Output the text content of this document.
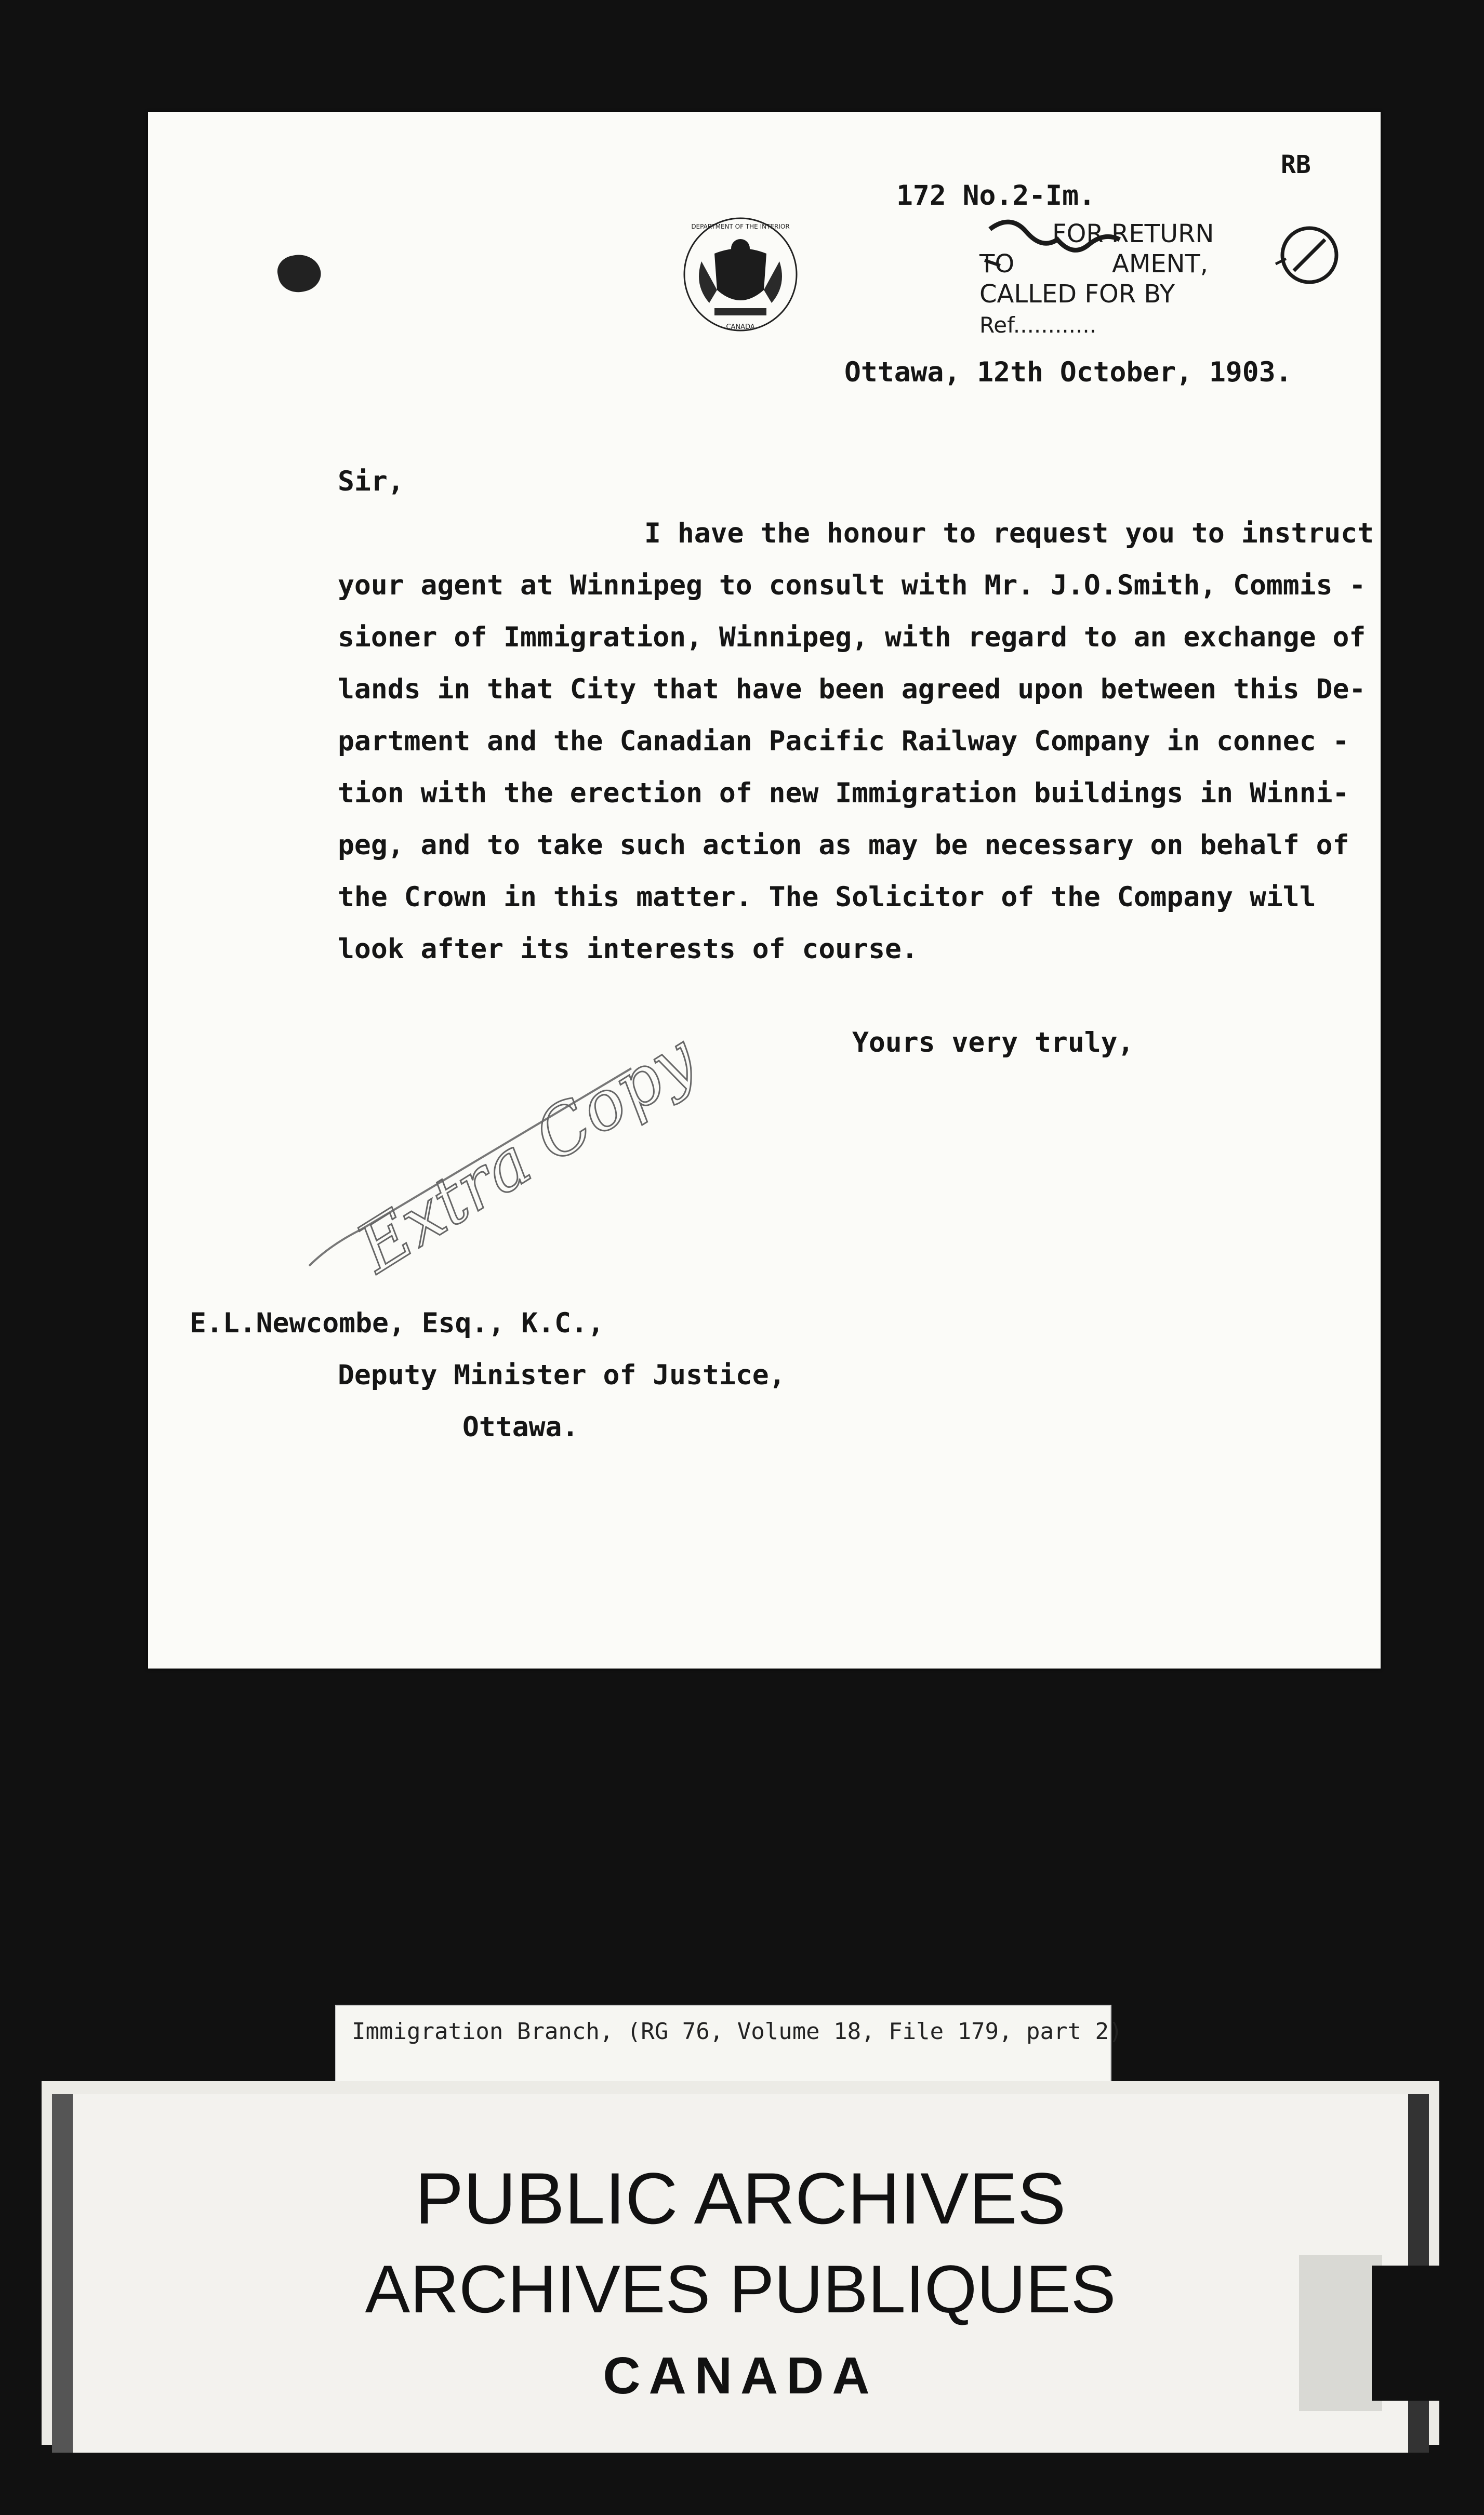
DEPARTMENT OF THE INTERIOR
CANADA
RB
172 No.2-Im.
FOR RETURN
TO	AMENT,
CALLED FOR BY
Ref............
Ottawa, 12th October, 1903.
Sir,
I have the honour to request you to instruct
your agent at Winnipeg to consult with Mr. J.O.Smith, Commis -
sioner of Immigration, Winnipeg, with regard to an exchange of
lands in that City that have been agreed upon between this De-
partment and the Canadian Pacific Railway Company in connec -
tion with the erection of new Immigration buildings in Winni-
peg, and to take such action as may be necessary on behalf of
the Crown in this matter. The Solicitor of the Company will
look after its interests of course.
Yours very truly,
Extra Copy
E.L.Newcombe, Esq., K.C.,
Deputy Minister of Justice,
Ottawa.
Immigration Branch, (RG 76, Volume 18, File 179, part 2)
PUBLIC ARCHIVES
ARCHIVES PUBLIQUES
CANADA
